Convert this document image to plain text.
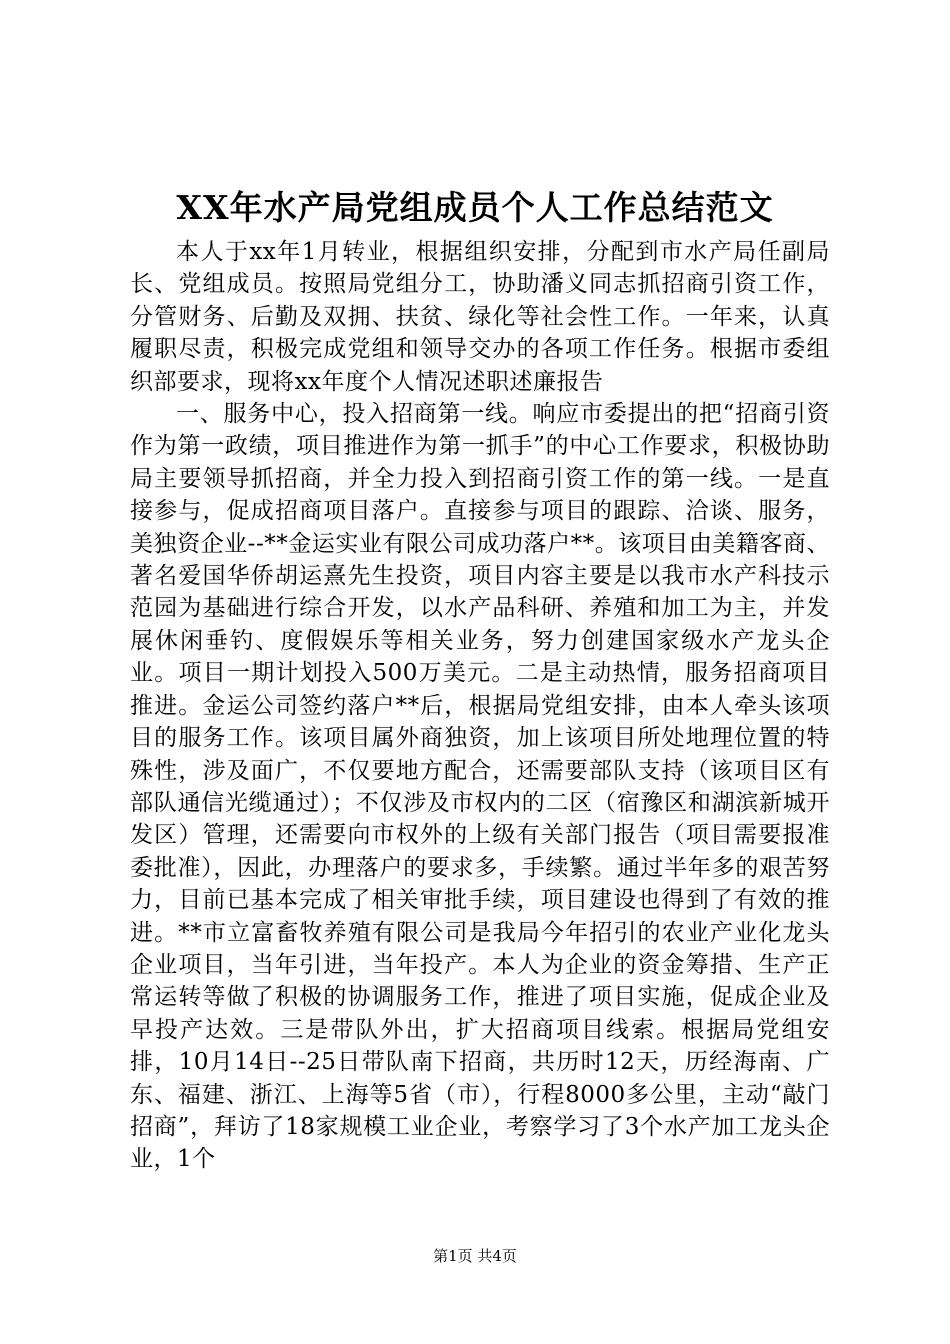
XX年水产局党组成员个人工作总结范文

本人于xx年1月转业，根据组织安排，分配到市水产局任副局长、党组成员。按照局党组分工，协助潘义同志抓招商引资工作，分管财务、后勤及双拥、扶贫、绿化等社会性工作。一年来，认真履职尽责，积极完成党组和领导交办的各项工作任务。根据市委组织部要求，现将xx年度个人情况述职述廉报告

一、服务中心，投入招商第一线。响应市委提出的把“招商引资作为第一政绩，项目推进作为第一抓手”的中心工作要求，积极协助局主要领导抓招商，并全力投入到招商引资工作的第一线。一是直接参与，促成招商项目落户。直接参与项目的跟踪、洽谈、服务，美独资企业--**金运实业有限公司成功落户**。该项目由美籍客商、著名爱国华侨胡运熹先生投资，项目内容主要是以我市水产科技示范园为基础进行综合开发，以水产品科研、养殖和加工为主，并发展休闲垂钓、度假娱乐等相关业务，努力创建国家级水产龙头企业。项目一期计划投入500万美元。二是主动热情，服务招商项目推进。金运公司签约落户**后，根据局党组安排，由本人牵头该项目的服务工作。该项目属外商独资，加上该项目所处地理位置的特殊性，涉及面广，不仅要地方配合，还需要部队支持（该项目区有部队通信光缆通过）；不仅涉及市权内的二区（宿豫区和湖滨新城开发区）管理，还需要向市权外的上级有关部门报告（项目需要报准委批准），因此，办理落户的要求多，手续繁。通过半年多的艰苦努力，目前已基本完成了相关审批手续，项目建设也得到了有效的推进。**市立富畜牧养殖有限公司是我局今年招引的农业产业化龙头企业项目，当年引进，当年投产。本人为企业的资金筹措、生产正常运转等做了积极的协调服务工作，推进了项目实施，促成企业及早投产达效。三是带队外出，扩大招商项目线索。根据局党组安排，10月14日--25日带队南下招商，共历时12天，历经海南、广东、福建、浙江、上海等5省（市），行程8000多公里，主动“敲门招商”，拜访了18家规模工业企业，考察学习了3个水产加工龙头企业，1个

第1页 共4页
